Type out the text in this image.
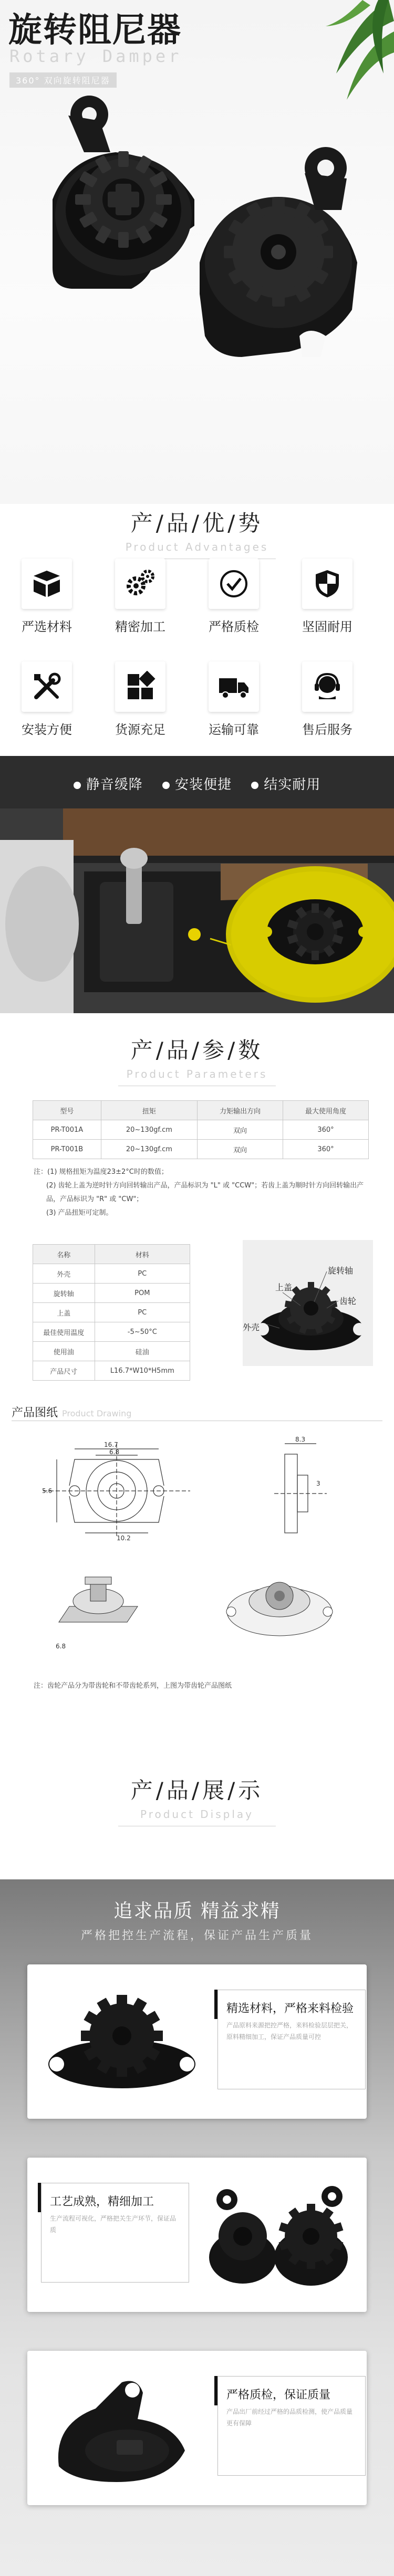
旋转阻尼器
Rotary Damper
360° 双向旋转阻尼器
产/品/优/势
Product Advantages
严选材料	精密加工	严格质检	坚固耐用
安装方便	货源充足	运输可靠	售后服务
静音缓降 安装便捷 结实耐用
产/品/参/数
Product Parameters
型号	扭矩	力矩输出方向	最大使用角度
PR-T001A	20~130gf.cm	双向	360°
PR-T001B	20~130gf.cm	双向	360°
注：(1) 规格扭矩为温度23±2°C时的数值；
(2) 齿轮上盖为逆时针方向回转输出产品，产品标识为 "L" 或 "CCW"；若齿上盖为顺时针方向回转输出产品，产品标识为 "R" 或 "CW"；
(3) 产品扭矩可定制。
名称	材料
外壳	PC
旋转轴	POM
上盖	PC
最佳使用温度	-5~50°C
使用油	硅油
产品尺寸	L16.7*W10*H5mm
旋转轴
上盖
齿轮
外壳
产品图纸 Product Drawing
16.7
6.8
10.2
5.6
8.3
3
6.8
注：齿轮产品分为带齿轮和不带齿轮系列，上图为带齿轮产品图纸
产/品/展/示
Product Display
追求品质 精益求精
严格把控生产流程，保证产品生产质量
精选材料，严格来料检验
产品原料来源把控严格，来料检验层层把关，原料精细加工，保证产品质量可控
工艺成熟，精细加工
生产流程可视化，严格把关生产环节，保证品质
严格质检，保证质量
产品出厂前经过严格的品质检测，使产品质量更有保障
